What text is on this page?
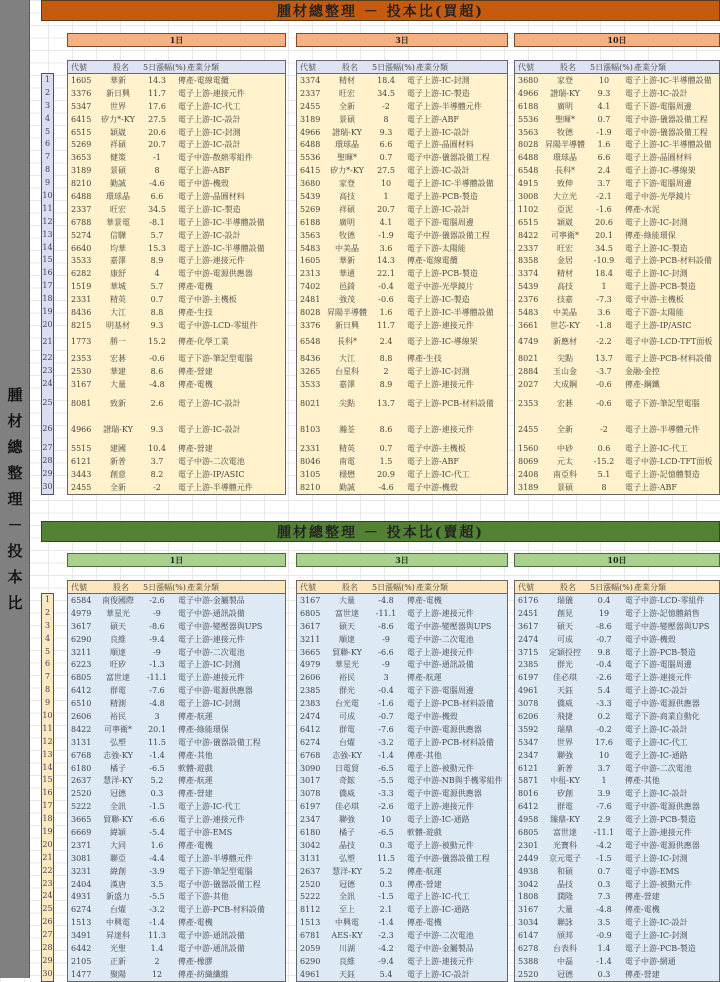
腫
材
總
整
理
－
投
本
比
腫材總整理 － 投本比(買超)
腫材總整理 － 投本比(賣超)
1
2
3
4
5
6
7
8
9
10
11
12
13
14
15
16
17
18
19
20
21
22
23
24
25
26
27
28
29
30
1日
代號	股名	5日漲幅(%) 產業分類
1605	華新	14.3	傳產-電線電纜
3376	新日興	11.7	電子上游-連接元件
5347	世界	17.6	電子上游-IC-代工
6415	矽力*-KY	27.5	電子上游-IC-設計
6515	穎崴	20.6	電子上游-IC-封測
5269	祥碩	20.7	電子上游-IC-設計
3653	健策	-1	電子中游-散熱零組件
3189	景碩	8	電子上游-ABF
8210	勤誠	-4.6	電子中游-機殼
6488	環球晶	6.6	電子上游-晶圓材料
2337	旺宏	34.5	電子上游-IC-製造
6788	華景電	-8.1	電子上游-IC-半導體設備
5274	信驊	5.7	電子上游-IC-設計
6640	均華	15.3	電子上游-IC-半導體設備
3533	嘉澤	8.9	電子上游-連接元件
6282	康舒	4	電子中游-電源供應器
1519	華城	5.7	傳產-電機
2331	精英	0.7	電子中游-主機板
8436	大江	8.8	傳產-生技
8215	明基材	9.3	電子中游-LCD-零組件
1773	勝一	15.2	傳產-化學工業
2353	宏碁	-0.6	電子下游-筆記型電腦
2530	華建	8.6	傳產-營建
3167	大量	-4.8	傳產-電機
8081	致新	2.6	電子上游-IC-設計
4966	譜瑞-KY	9.3	電子上游-IC-設計
5515	建國	10.4	傳產-營建
6121	新普	3.7	電子中游-二次電池
3443	創意	8.2	電子上游-IP/ASIC
2455	全新	-2	電子上游-半導體元件
3日
代號	股名	5日漲幅(%) 產業分類
3374	精材	18.4	電子上游-IC-封測
2337	旺宏	34.5	電子上游-IC-製造
2455	全新	-2	電子上游-半導體元件
3189	景碩	8	電子上游-ABF
4966	譜瑞-KY	9.3	電子上游-IC-設計
6488	環球晶	6.6	電子上游-晶圓材料
5536	聖暉*	0.7	電子中游-儀器設備工程
6415	矽力*-KY	27.5	電子上游-IC-設計
3680	家登	10	電子上游-IC-半導體設備
5439	高技	1	電子上游-PCB-製造
5269	祥碩	20.7	電子上游-IC-設計
6188	廣明	4.1	電子下游-電腦周邊
3563	牧德	-1.9	電子中游-儀器設備工程
5483	中美晶	3.6	電子下游-太陽能
1605	華新	14.3	傳產-電線電纜
2313	華通	22.1	電子上游-PCB-製造
7402	邑錡	-0.4	電子中游-光學鏡片
2481	強茂	-0.6	電子上游-IC-製造
8028 昇陽半導體	1.6	電子上游-IC-半導體設備
3376	新日興	11.7	電子上游-連接元件
6548	長科*	2.4	電子上游-IC-導線架
8436	大江	8.8	傳產-生技
3265	台星科	2	電子上游-IC-封測
3533	嘉澤	8.9	電子上游-連接元件
8021	尖點	13.7	電子上游-PCB-材料設備
8103	瀚荃	8.6	電子上游-連接元件
2331	精英	0.7	電子中游-主機板
8046	南電	1.5	電子上游-ABF
3105	穩懋	20.9	電子上游-IC-代工
8210	勤誠	-4.6	電子中游-機殼
10日
代號	股名	5日漲幅(%) 產業分類
3680	家登	10	電子上游-IC-半導體設備
4966	譜瑞-KY	9.3	電子上游-IC-設計
6188	廣明	4.1	電子下游-電腦周邊
5536	聖暉*	0.7	電子中游-儀器設備工程
3563	牧德	-1.9	電子中游-儀器設備工程
8028 昇陽半導體	1.6	電子上游-IC-半導體設備
6488	環球晶	6.6	電子上游-晶圓材料
6548	長科*	2.4	電子上游-IC-導線架
4915	致伸	3.7	電子下游-電腦周邊
3008	大立光	-2.1	電子中游-光學鏡片
1102	亞泥	-1.6	傳產-水泥
6515	穎崴	20.6	電子上游-IC-封測
8422	可寧衛*	20.1	傳產-綠能環保
2337	旺宏	34.5	電子上游-IC-製造
8358	金居	-10.9	電子上游-PCB-材料設備
3374	精材	18.4	電子上游-IC-封測
5439	高技	1	電子上游-PCB-製造
2376	技嘉	-7.3	電子中游-主機板
5483	中美晶	3.6	電子下游-太陽能
3661	世芯-KY	-1.8	電子上游-IP/ASIC
4749	新應材	-2.2	電子中游-LCD-TFT面板
8021	尖點	13.7	電子上游-PCB-材料設備
2884	玉山金	-3.7	金融-金控
2027	大成鋼	-0.6	傳產-鋼鐵
2353	宏碁	-0.6	電子下游-筆記型電腦
2455	全新	-2	電子上游-半導體元件
1560	中砂	0.6	電子上游-IC-代工
8069	元太	-15.2	電子中游-LCD-TFT面板
2408	南亞科	5.1	電子上游-記憶體製造
3189	景碩	8	電子上游-ABF
1
2
3
4
5
6
7
8
9
10
11
12
13
14
15
16
17
18
19
20
21
22
23
24
25
26
27
28
29
30
1日
代號	股名	5日漲幅(%) 產業分類
6584	南俊國際	-2.6	電子中游-金屬製品
4979	華星光	-9	電子中游-通訊設備
3617	碩天	-8.6	電子中游-變壓器與UPS
6290	良維	-9.4	電子上游-連接元件
3211	順達	-9	電子中游-二次電池
6223	旺矽	-1.3	電子上游-IC-封測
6805	富世達	-11.1	電子上游-連接元件
6412	群電	-7.6	電子中游-電源供應器
6510	精測	-4.8	電子上游-IC-封測
2606	裕民	3	傳產-航運
8422	可寧衛*	20.1	傳產-綠能環保
3131	弘塑	11.5	電子中游-儀器設備工程
6768	志強-KY	-1.4	傳產-其他
6180	橘子	-6.5	軟體-遊戲
2637	慧洋-KY	5.2	傳產-航運
2520	冠德	0.3	傳產-營建
5222	全訊	-1.5	電子上游-IC-代工
3665	貿聯-KY	-6.6	電子上游-連接元件
6669	緯穎	-5.4	電子中游-EMS
2371	大同	1.6	傳產-電機
3081	聯亞	-4.4	電子上游-半導體元件
3231	緯創	-3.9	電子下游-筆記型電腦
2404	漢唐	3.5	電子中游-儀器設備工程
4931	新盛力	-5.5	電子下游-其他
6274	台燿	-3.2	電子上游-PCB-材料設備
1513	中興電	-1.4	傳產-電機
3491	昇達科	11.3	電子中游-通訊設備
6442	光聖	1.4	電子中游-通訊設備
2105	正新	2	傳產-橡膠
1477	聚陽	12	傳產-紡織纖維
3日
代號	股名	5日漲幅(%) 產業分類
3167	大量	-4.8	傳產-電機
6805	富世達	-11.1	電子上游-連接元件
3617	碩天	-8.6	電子中游-變壓器與UPS
3211	順達	-9	電子中游-二次電池
3665	貿聯-KY	-6.6	電子上游-連接元件
4979	華星光	-9	電子中游-通訊設備
2606	裕民	3	傳產-航運
2385	群光	-0.4	電子下游-電腦周邊
2383	台光電	-1.6	電子上游-PCB-材料設備
2474	可成	-0.7	電子中游-機殼
6412	群電	-7.6	電子中游-電源供應器
6274	台燿	-3.2	電子上游-PCB-材料設備
6768	志強-KY	-1.4	傳產-其他
3090	日電貿	-6.5	電子上游-被動元件
3017	奇鋐	-5.5	電子中游-NB與手機零組件
3078	僑威	-3.3	電子中游-電源供應器
6197	佳必琪	-2.6	電子上游-連接元件
2347	聯強	10	電子上游-IC-通路
6180	橘子	-6.5	軟體-遊戲
3042	晶技	0.3	電子上游-被動元件
3131	弘塑	11.5	電子中游-儀器設備工程
2637	慧洋-KY	5.2	傳產-航運
2520	冠德	0.3	傳產-營建
5222	全訊	-1.5	電子上游-IC-代工
8112	至上	2.1	電子上游-IC-通路
1513	中興電	-1.4	傳產-電機
6781	AES-KY	-2.3	電子中游-二次電池
2059	川湖	-4.2	電子中游-金屬製品
6290	良維	-9.4	電子上游-連接元件
4961	天鈺	5.4	電子上游-IC-設計
10日
代號	股名	5日漲幅(%) 產業分類
6176	瑞儀	0.4	電子中游-LCD-零組件
2451	創見	19	電子上游-記憶體銷售
3617	碩天	-8.6	電子中游-變壓器與UPS
2474	可成	-0.7	電子中游-機殼
3715	定穎投控	9.8	電子上游-PCB-製造
2385	群光	-0.4	電子下游-電腦周邊
6197	佳必琪	-2.6	電子上游-連接元件
4961	天鈺	5.4	電子上游-IC-設計
3078	僑威	-3.3	電子中游-電源供應器
6206	飛捷	0.2	電子下游-商業自動化
3592	瑞鼎	-0.2	電子上游-IC-設計
5347	世界	17.6	電子上游-IC-代工
2347	聯強	10	電子上游-IC-通路
6121	新普	3.7	電子中游-二次電池
5871	中租-KY	1	傳產-其他
8016	矽創	3.9	電子上游-IC-設計
6412	群電	-7.6	電子中游-電源供應器
4958	臻鼎-KY	2.9	電子上游-PCB-製造
6805	富世達	-11.1	電子上游-連接元件
2301	光寶科	-4.2	電子中游-電源供應器
2449	京元電子	-1.5	電子上游-IC-封測
4938	和碩	0.7	電子中游-EMS
3042	晶技	0.3	電子上游-被動元件
1808	潤隆	7.3	傳產-營建
3167	大量	-4.8	傳產-電機
3034	聯詠	3.5	電子上游-IC-設計
6147	頎邦	-0.9	電子上游-IC-封測
6278	台表科	1.4	電子上游-PCB-製造
5388	中磊	-1.4	電子中游-網通
2520	冠德	0.3	傳產-營建
